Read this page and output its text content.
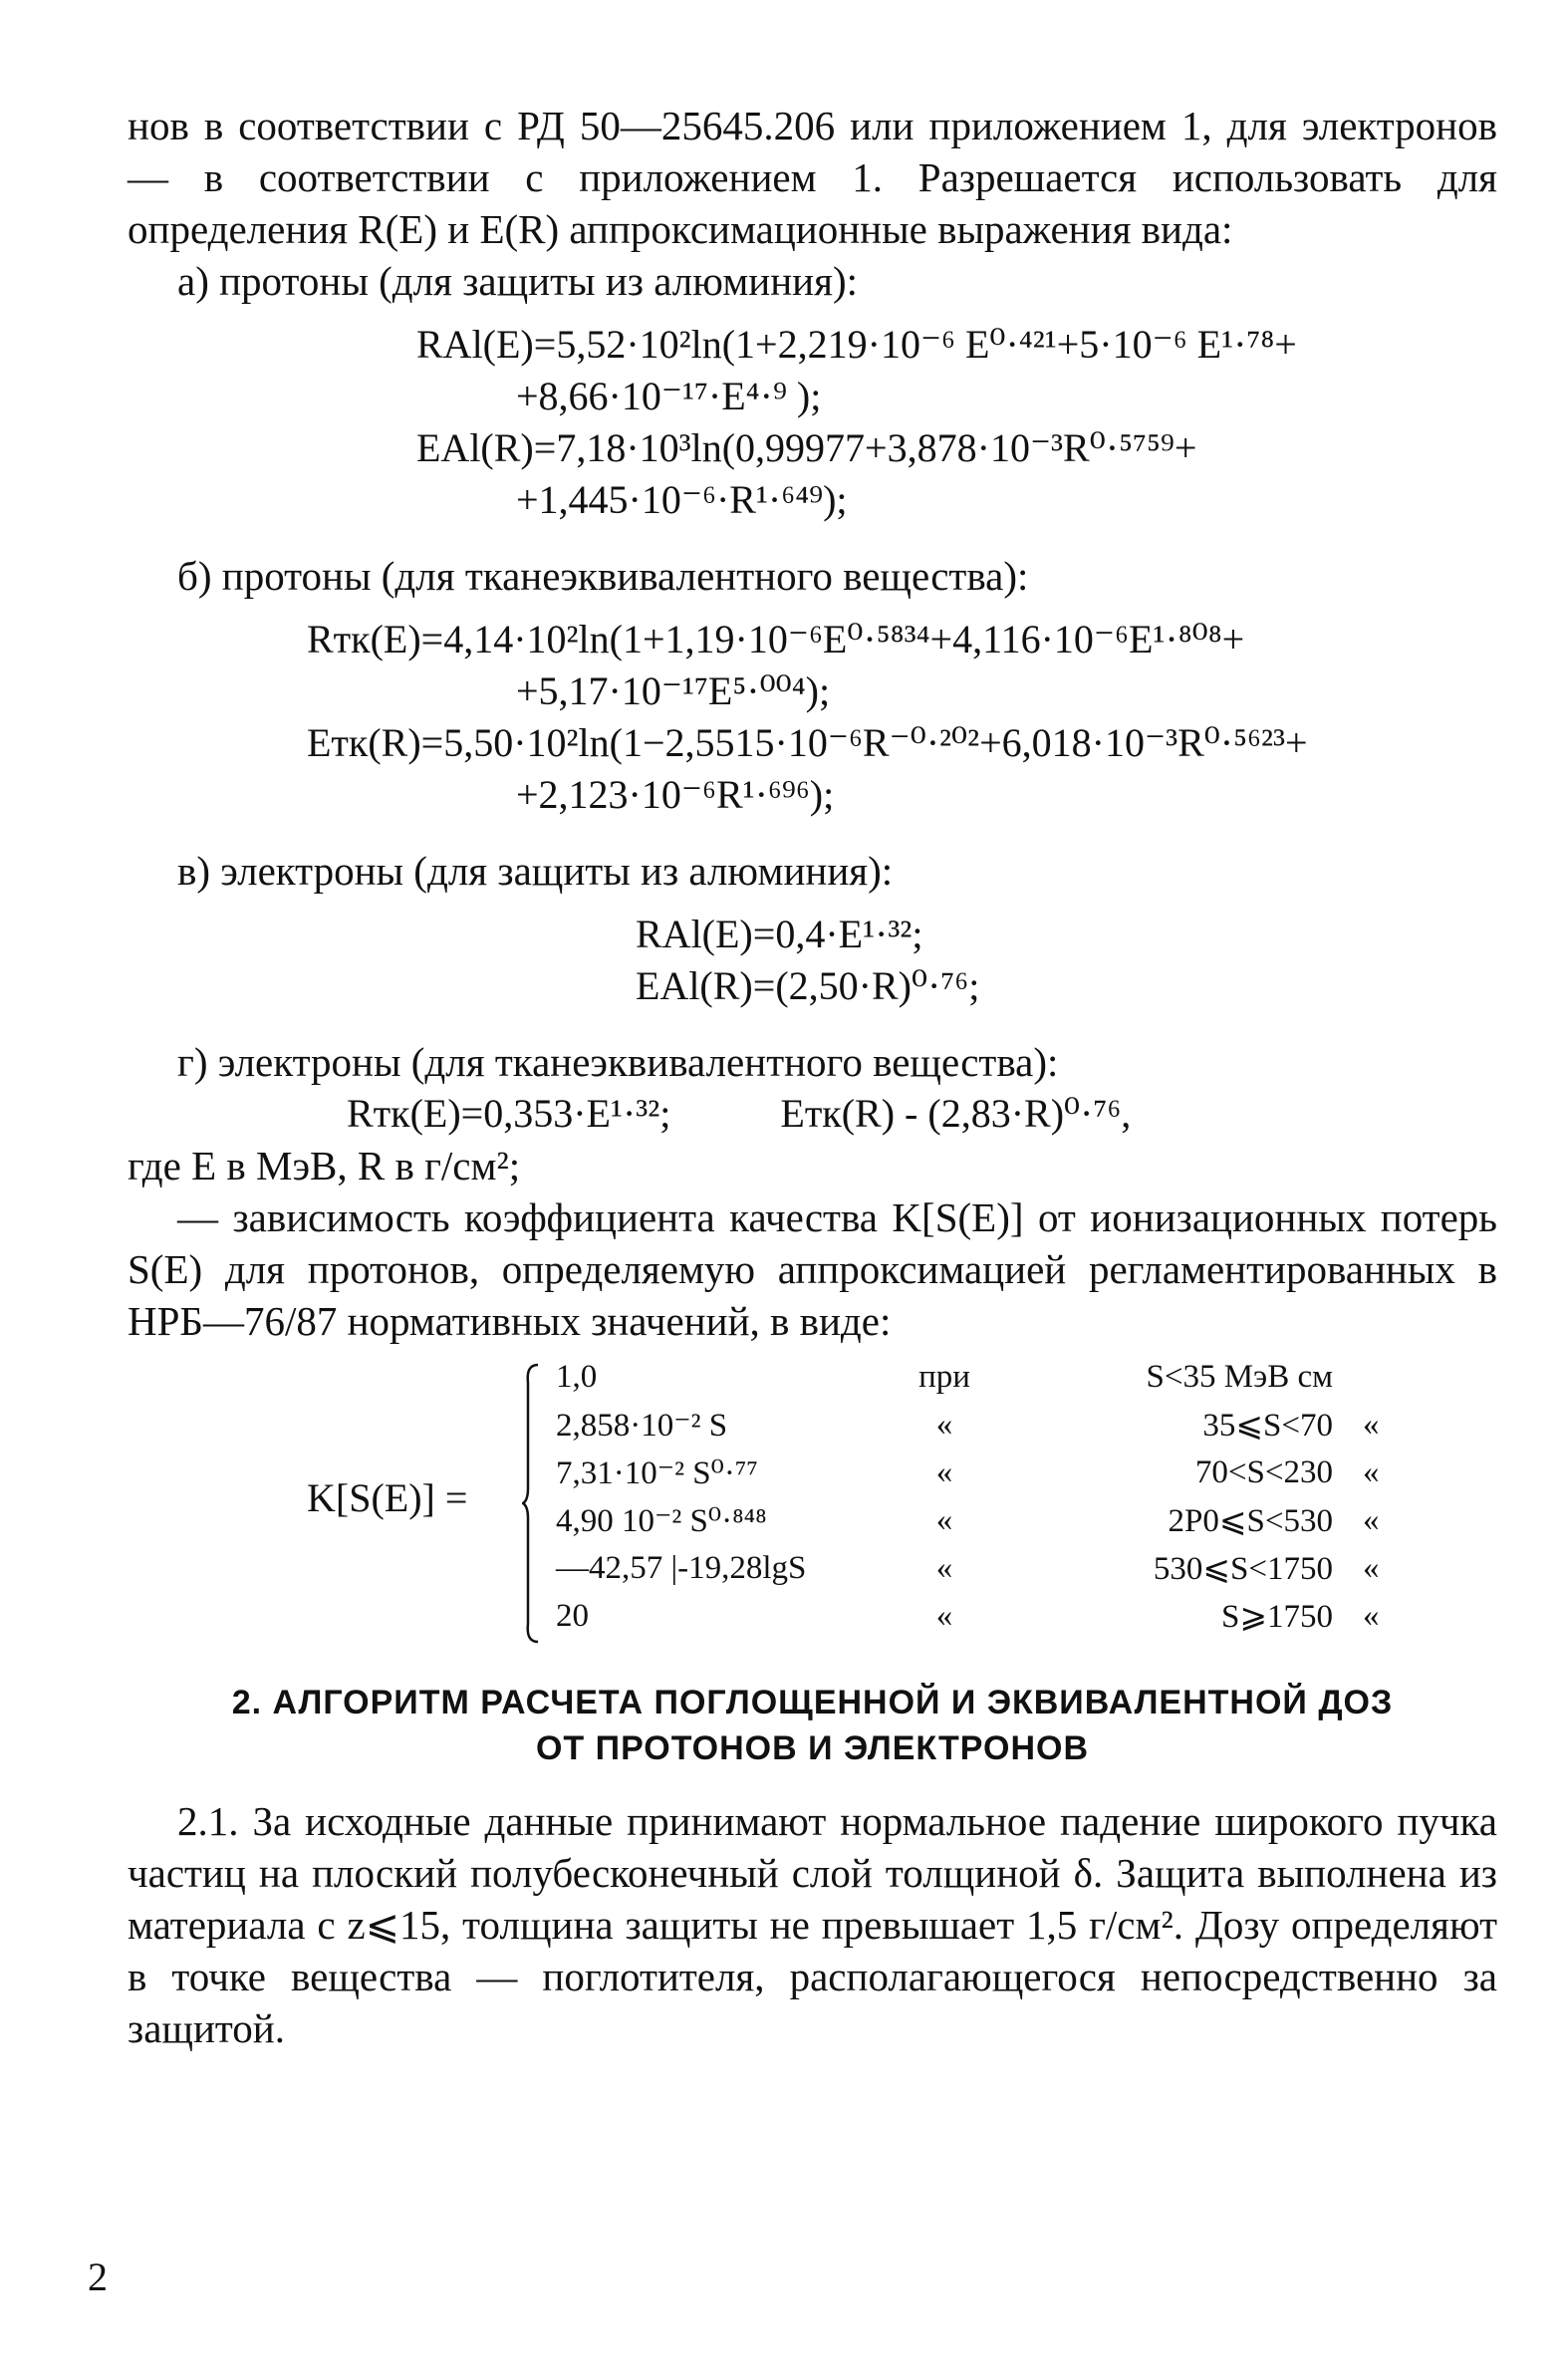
нов в соответствии с РД 50—25645.206 или приложением 1, для электронов — в соответствии с приложением 1. Разрешается использовать для определения R(E) и E(R) аппроксимационные выражения вида:

а) протоны (для защиты из алюминия):

RAl(E)=5,52·10²ln(1+2,219·10⁻⁶ E⁰·⁴²¹+5·10⁻⁶ E¹·⁷⁸+

+8,66·10⁻¹⁷·E⁴·⁹ );

EAl(R)=7,18·10³ln(0,99977+3,878·10⁻³R⁰·⁵⁷⁵⁹+

+1,445·10⁻⁶·R¹·⁶⁴⁹);

б) протоны (для тканеэквивалентного вещества):

Rтк(E)=4,14·10²ln(1+1,19·10⁻⁶E⁰·⁵⁸³⁴+4,116·10⁻⁶E¹·⁸⁰⁸+

+5,17·10⁻¹⁷E⁵·⁰⁰⁴);

Eтк(R)=5,50·10²ln(1−2,5515·10⁻⁶R⁻⁰·²⁰²+6,018·10⁻³R⁰·⁵⁶²³+

+2,123·10⁻⁶R¹·⁶⁹⁶);

в) электроны (для защиты из алюминия):

RAl(E)=0,4·E¹·³²;

EAl(R)=(2,50·R)⁰·⁷⁶;

г) электроны (для тканеэквивалентного вещества):

Rтк(E)=0,353·E¹·³²;	Eтк(R) - (2,83·R)⁰·⁷⁶,

где E в МэВ, R в г/см²;

— зависимость коэффициента качества K[S(E)] от ионизационных потерь S(E) для протонов, определяемую аппроксимацией регламентированных в НРБ—76/87 нормативных значений, в виде:

K[S(E)] =
1,0	при	S<35 МэВ см	
2,858·10⁻² S	«	35⩽S<70	«
7,31·10⁻² S⁰·⁷⁷	«	70<S<230	«
4,90 10⁻² S⁰·⁸⁴⁸	«	2P0⩽S<530	«
—42,57 |-19,28lgS	«	530⩽S<1750	«
20	«	S⩾1750	«
2. АЛГОРИТМ РАСЧЕТА ПОГЛОЩЕННОЙ И ЭКВИВАЛЕНТНОЙ ДОЗ
ОТ ПРОТОНОВ И ЭЛЕКТРОНОВ

2.1. За исходные данные принимают нормальное падение широкого пучка частиц на плоский полубесконечный слой толщиной δ. Защита выполнена из материала с z⩽15, толщина защиты не превышает 1,5 г/см². Дозу определяют в точке вещества — поглотителя, располагающегося непосредственно за защитой.

2
